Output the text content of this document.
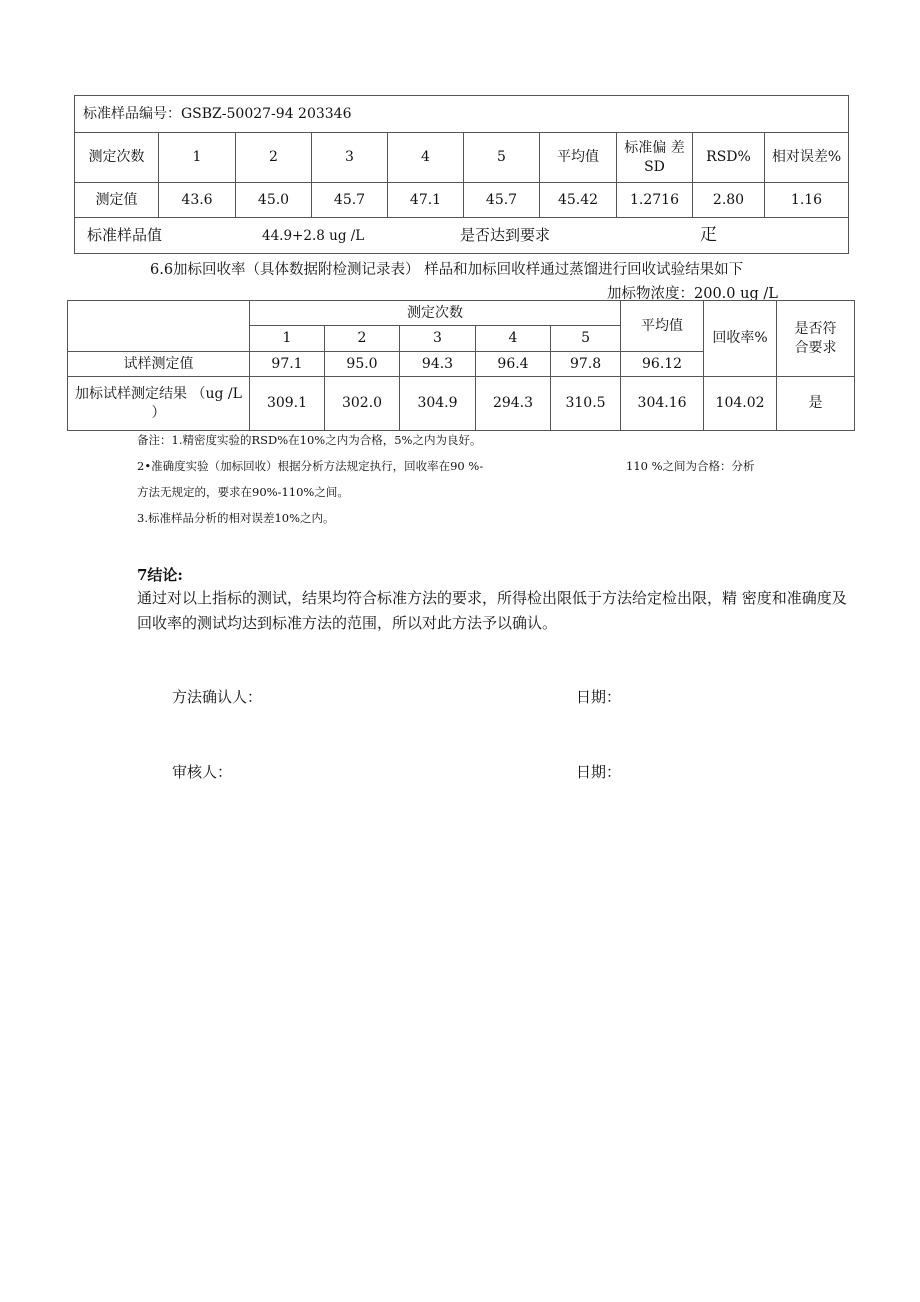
标准样品编号：GSBZ-50027-94 203346									
测定次数	1	2	3	4	5	平均值	标准偏 差SD	RSD%	相对误差%
测定值	43.6	45.0	45.7	47.1	45.7	45.42	1.2716	2.80	1.16
标准样品值 44.9+2.8 ug /L 是否达到要求 疋									
6.6加标回收率（具体数据附检测记录表） 样品和加标回收样通过蒸馏进行回收试验结果如下
加标物浓度：200.0 ug /L
	测定次数					平均值	回收率%	是否符合要求
	1	2	3	4	5			
试样测定值	97.1	95.0	94.3	96.4	97.8	96.12		
加标试样测定结果 （ug /L ）	309.1	302.0	304.9	294.3	310.5	304.16	104.02	是
备注：1.精密度实验的RSD%在10%之内为合格，5%之内为良好。
2•准确度实验（加标回收）根据分析方法规定执行，回收率在90 %-	110 %之间为合格：分析
方法无规定的，要求在90%-110%之间。
3.标准样品分析的相对误差10%之内。
7结论:
通过对以上指标的测试，结果均符合标准方法的要求，所得检出限低于方法给定检出限，精 密度和准确度及回收率的测试均达到标准方法的范围，所以对此方法予以确认。
方法确认人：	日期：
审核人：	日期：
